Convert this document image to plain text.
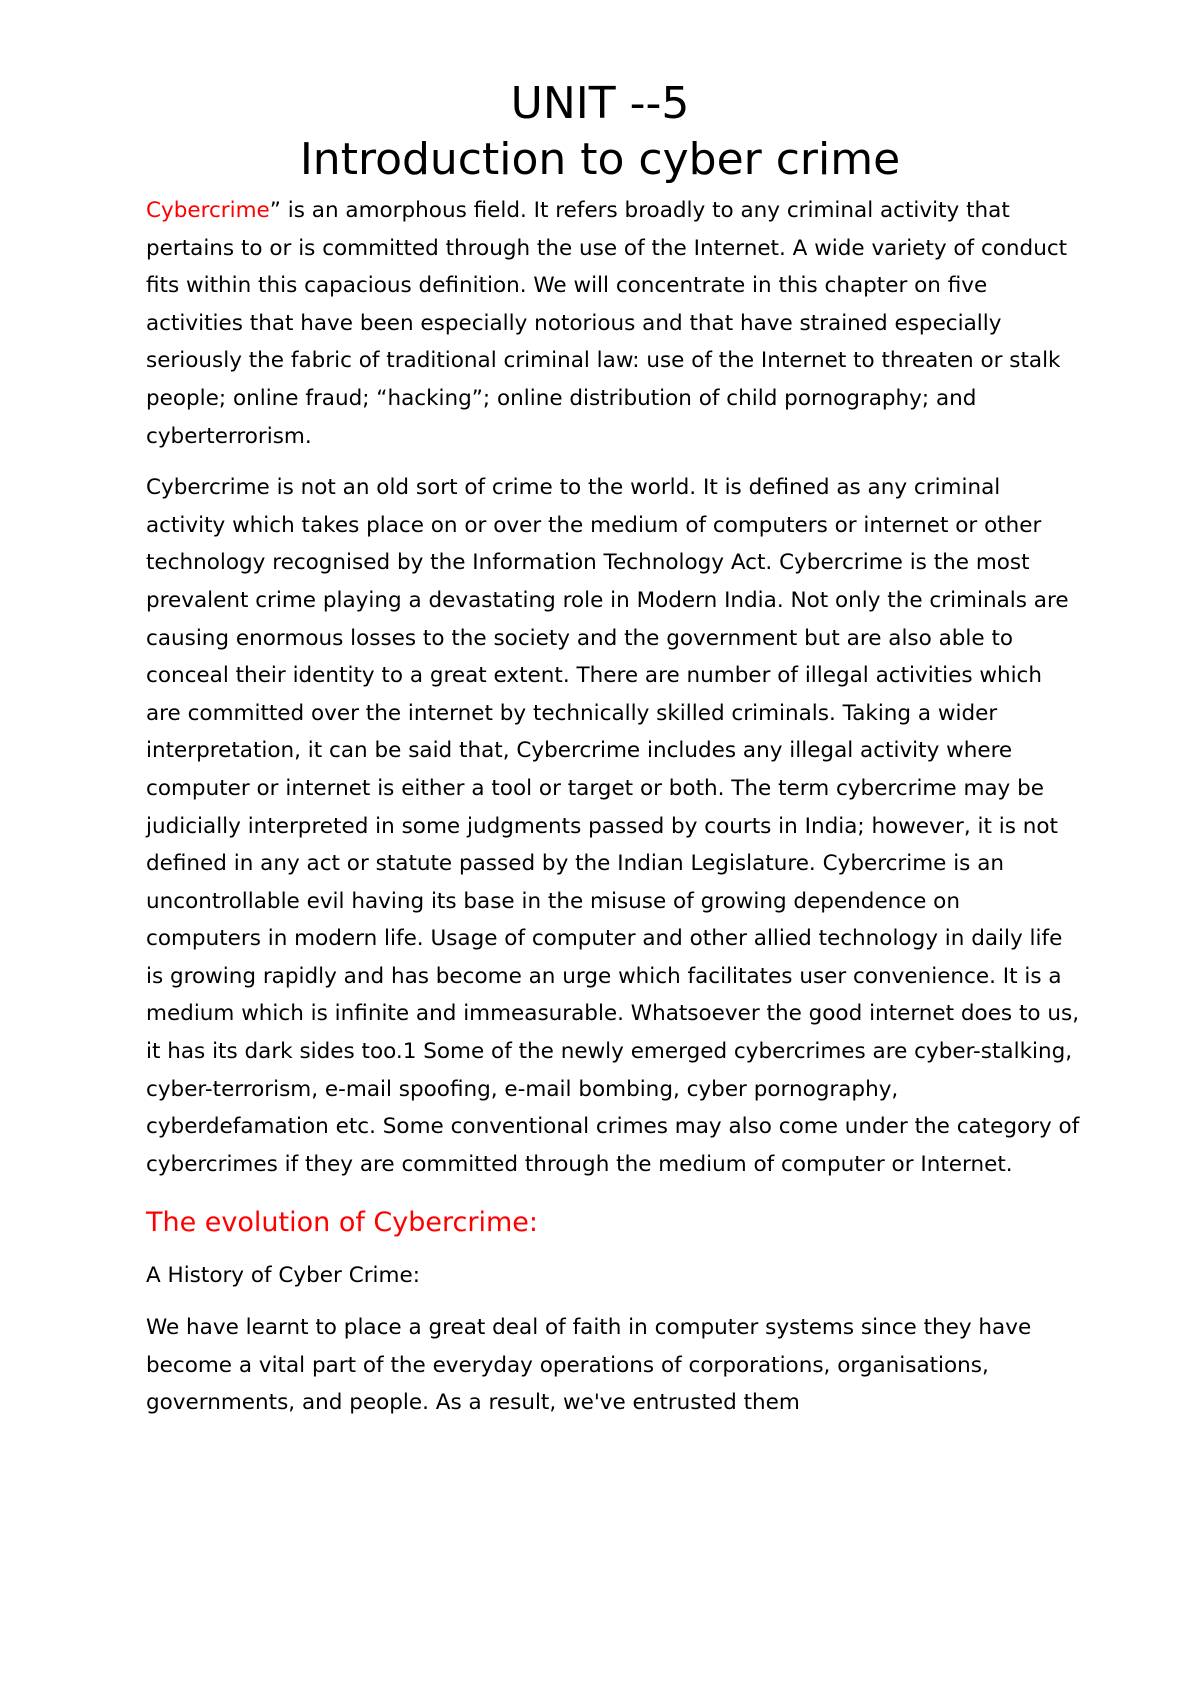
UNIT --5
Introduction to cyber crime

Cybercrime” is an amorphous field. It refers broadly to any criminal activity that pertains to or is committed through the use of the Internet. A wide variety of conduct fits within this capacious definition. We will concentrate in this chapter on five activities that have been especially notorious and that have strained especially seriously the fabric of traditional criminal law: use of the Internet to threaten or stalk people; online fraud; “hacking”; online distribution of child pornography; and cyberterrorism.

Cybercrime is not an old sort of crime to the world. It is defined as any criminal activity which takes place on or over the medium of computers or internet or other technology recognised by the Information Technology Act. Cybercrime is the most prevalent crime playing a devastating role in Modern India. Not only the criminals are causing enormous losses to the society and the government but are also able to conceal their identity to a great extent. There are number of illegal activities which are committed over the internet by technically skilled criminals. Taking a wider interpretation, it can be said that, Cybercrime includes any illegal activity where computer or internet is either a tool or target or both. The term cybercrime may be judicially interpreted in some judgments passed by courts in India; however, it is not defined in any act or statute passed by the Indian Legislature. Cybercrime is an uncontrollable evil having its base in the misuse of growing dependence on computers in modern life. Usage of computer and other allied technology in daily life is growing rapidly and has become an urge which facilitates user convenience. It is a medium which is infinite and immeasurable. Whatsoever the good internet does to us, it has its dark sides too.1 Some of the newly emerged cybercrimes are cyber-stalking, cyber-terrorism, e-mail spoofing, e-mail bombing, cyber pornography, cyberdefamation etc. Some conventional crimes may also come under the category of cybercrimes if they are committed through the medium of computer or Internet.

The evolution of Cybercrime:

A History of Cyber Crime:

We have learnt to place a great deal of faith in computer systems since they have become a vital part of the everyday operations of corporations, organisations, governments, and people. As a result, we've entrusted them
